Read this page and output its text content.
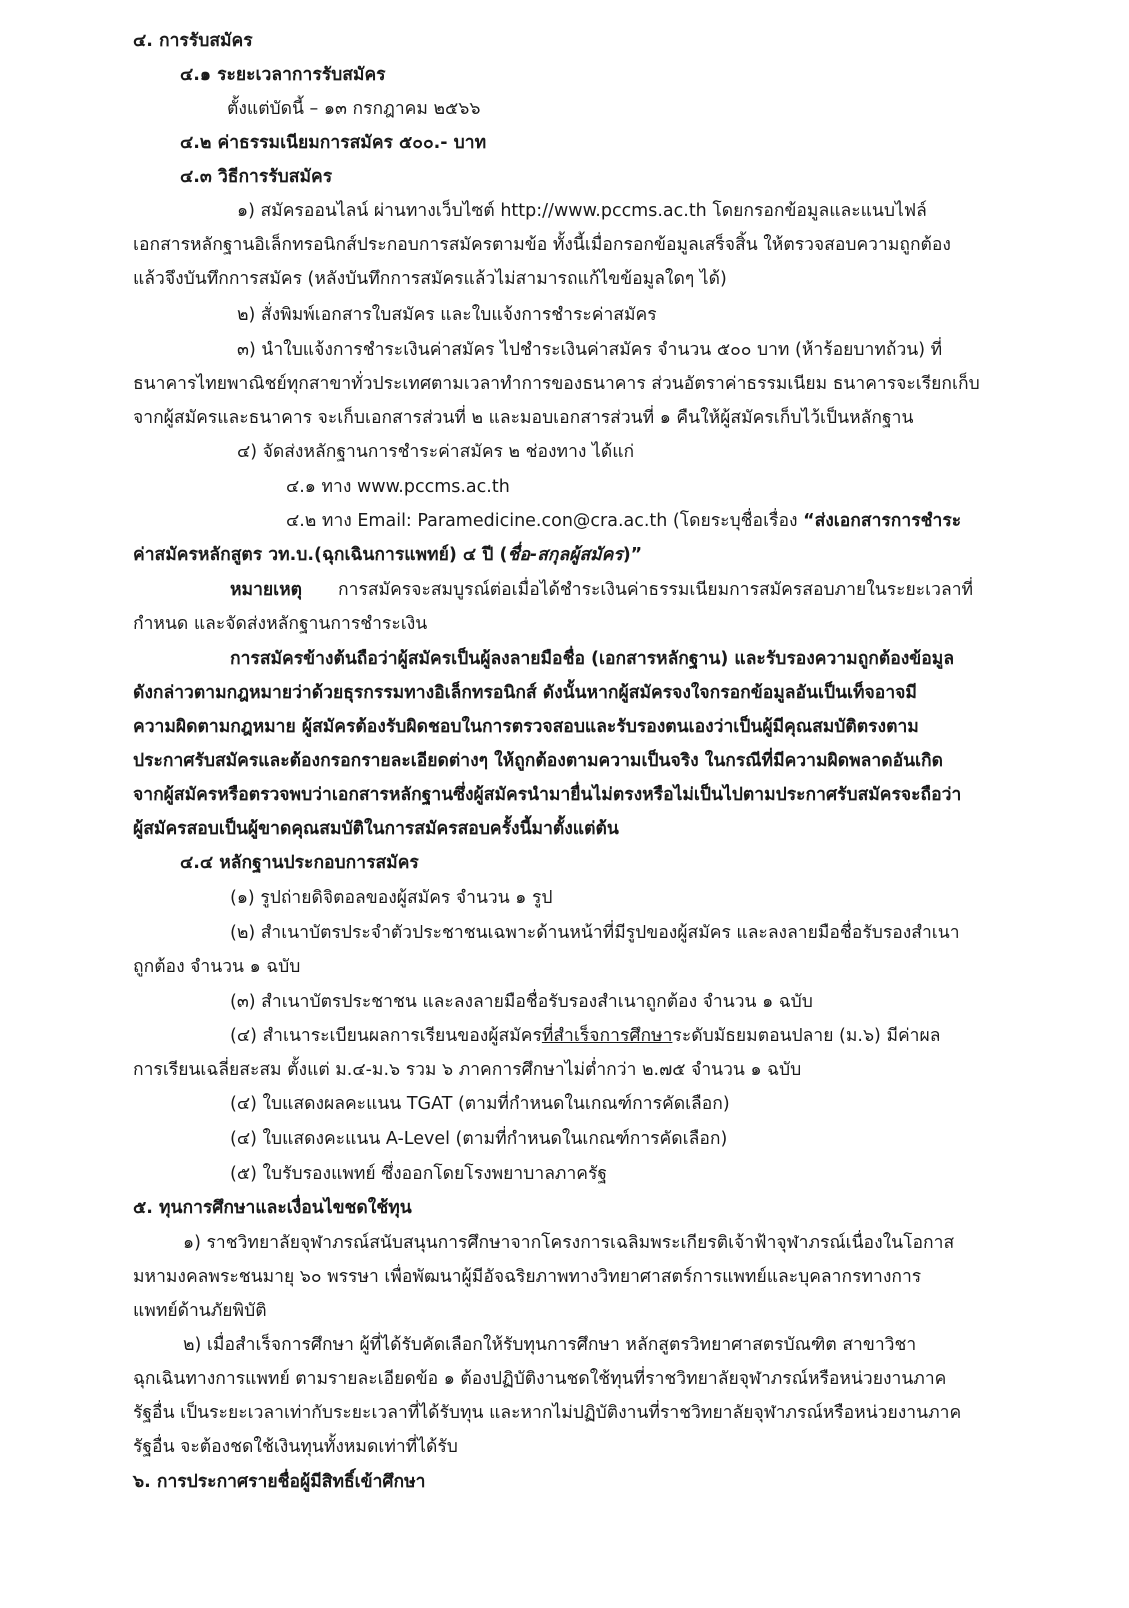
๔. การรับสมัคร
๔.๑ ระยะเวลาการรับสมัคร
ตั้งแต่บัดนี้ – ๑๓ กรกฎาคม ๒๕๖๖
๔.๒ ค่าธรรมเนียมการสมัคร ๕๐๐.- บาท
๔.๓ วิธีการรับสมัคร
๑) สมัครออนไลน์ ผ่านทางเว็บไซต์ http://www.pccms.ac.th โดยกรอกข้อมูลและแนบไฟล์
เอกสารหลักฐานอิเล็กทรอนิกส์ประกอบการสมัครตามข้อ ทั้งนี้เมื่อกรอกข้อมูลเสร็จสิ้น ให้ตรวจสอบความถูกต้อง
แล้วจึงบันทึกการสมัคร (หลังบันทึกการสมัครแล้วไม่สามารถแก้ไขข้อมูลใดๆ ได้)
๒) สั่งพิมพ์เอกสารใบสมัคร และใบแจ้งการชำระค่าสมัคร
๓) นำใบแจ้งการชำระเงินค่าสมัคร ไปชำระเงินค่าสมัคร จำนวน ๕๐๐ บาท (ห้าร้อยบาทถ้วน) ที่
ธนาคารไทยพาณิชย์ทุกสาขาทั่วประเทศตามเวลาทำการของธนาคาร ส่วนอัตราค่าธรรมเนียม ธนาคารจะเรียกเก็บ
จากผู้สมัครและธนาคาร จะเก็บเอกสารส่วนที่ ๒ และมอบเอกสารส่วนที่ ๑ คืนให้ผู้สมัครเก็บไว้เป็นหลักฐาน
๔) จัดส่งหลักฐานการชำระค่าสมัคร ๒ ช่องทาง ได้แก่
๔.๑ ทาง www.pccms.ac.th
๔.๒ ทาง Email: Paramedicine.con@cra.ac.th (โดยระบุชื่อเรื่อง “ส่งเอกสารการชำระ
ค่าสมัครหลักสูตร วท.บ.(ฉุกเฉินการแพทย์) ๔ ปี (ชื่อ-สกุลผู้สมัคร)”
หมายเหตุ การสมัครจะสมบูรณ์ต่อเมื่อได้ชำระเงินค่าธรรมเนียมการสมัครสอบภายในระยะเวลาที่
กำหนด และจัดส่งหลักฐานการชำระเงิน
การสมัครข้างต้นถือว่าผู้สมัครเป็นผู้ลงลายมือชื่อ (เอกสารหลักฐาน) และรับรองความถูกต้องข้อมูล
ดังกล่าวตามกฎหมายว่าด้วยธุรกรรมทางอิเล็กทรอนิกส์ ดังนั้นหากผู้สมัครจงใจกรอกข้อมูลอันเป็นเท็จอาจมี
ความผิดตามกฎหมาย ผู้สมัครต้องรับผิดชอบในการตรวจสอบและรับรองตนเองว่าเป็นผู้มีคุณสมบัติตรงตาม
ประกาศรับสมัครและต้องกรอกรายละเอียดต่างๆ ให้ถูกต้องตามความเป็นจริง ในกรณีที่มีความผิดพลาดอันเกิด
จากผู้สมัครหรือตรวจพบว่าเอกสารหลักฐานซึ่งผู้สมัครนำมายื่นไม่ตรงหรือไม่เป็นไปตามประกาศรับสมัครจะถือว่า
ผู้สมัครสอบเป็นผู้ขาดคุณสมบัติในการสมัครสอบครั้งนี้มาตั้งแต่ต้น
๔.๔ หลักฐานประกอบการสมัคร
(๑) รูปถ่ายดิจิตอลของผู้สมัคร จำนวน ๑ รูป
(๒) สำเนาบัตรประจำตัวประชาชนเฉพาะด้านหน้าที่มีรูปของผู้สมัคร และลงลายมือชื่อรับรองสำเนา
ถูกต้อง จำนวน ๑ ฉบับ
(๓) สำเนาบัตรประชาชน และลงลายมือชื่อรับรองสำเนาถูกต้อง จำนวน ๑ ฉบับ
(๔) สำเนาระเบียนผลการเรียนของผู้สมัครที่สำเร็จการศึกษาระดับมัธยมตอนปลาย (ม.๖) มีค่าผล
การเรียนเฉลี่ยสะสม ตั้งแต่ ม.๔-ม.๖ รวม ๖ ภาคการศึกษาไม่ต่ำกว่า ๒.๗๕ จำนวน ๑ ฉบับ
(๔) ใบแสดงผลคะแนน TGAT (ตามที่กำหนดในเกณฑ์การคัดเลือก)
(๔) ใบแสดงคะแนน A-Level (ตามที่กำหนดในเกณฑ์การคัดเลือก)
(๕) ใบรับรองแพทย์ ซึ่งออกโดยโรงพยาบาลภาครัฐ
๕. ทุนการศึกษาและเงื่อนไขชดใช้ทุน
๑) ราชวิทยาลัยจุฬาภรณ์สนับสนุนการศึกษาจากโครงการเฉลิมพระเกียรติเจ้าฟ้าจุฬาภรณ์เนื่องในโอกาส
มหามงคลพระชนมายุ ๖๐ พรรษา เพื่อพัฒนาผู้มีอัจฉริยภาพทางวิทยาศาสตร์การแพทย์และบุคลากรทางการ
แพทย์ด้านภัยพิบัติ
๒) เมื่อสำเร็จการศึกษา ผู้ที่ได้รับคัดเลือกให้รับทุนการศึกษา หลักสูตรวิทยาศาสตรบัณฑิต สาขาวิชา
ฉุกเฉินทางการแพทย์ ตามรายละเอียดข้อ ๑ ต้องปฏิบัติงานชดใช้ทุนที่ราชวิทยาลัยจุฬาภรณ์หรือหน่วยงานภาค
รัฐอื่น เป็นระยะเวลาเท่ากับระยะเวลาที่ได้รับทุน และหากไม่ปฏิบัติงานที่ราชวิทยาลัยจุฬาภรณ์หรือหน่วยงานภาค
รัฐอื่น จะต้องชดใช้เงินทุนทั้งหมดเท่าที่ได้รับ
๖. การประกาศรายชื่อผู้มีสิทธิ์เข้าศึกษา
